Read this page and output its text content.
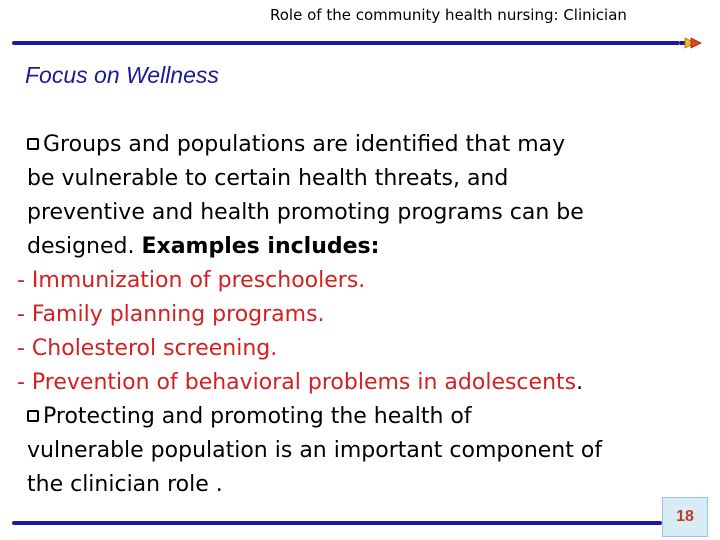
Role of the community health nursing: Clinician
Focus on Wellness

Groups and populations are identified that may

be vulnerable to certain health threats, and

preventive and health promoting programs can be

designed. Examples includes:

- Immunization of preschoolers.

- Family planning programs.

- Cholesterol screening.

- Prevention of behavioral problems in adolescents.

Protecting and promoting the health of

vulnerable population is an important component of

the clinician role .

18
